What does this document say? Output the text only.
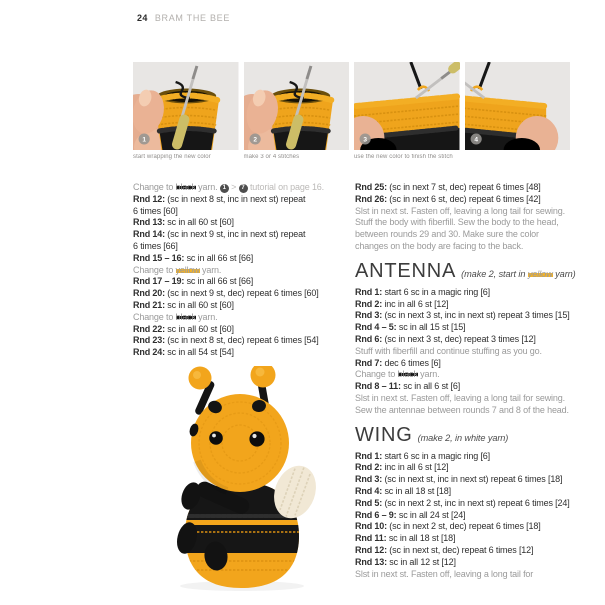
24 BRAM THE BEE
1
start wrapping the new color
2
make 3 or 4 stitches
3
use the new color to finish the stitch
4
Change to black yarn. 1 > 7 tutorial on page 16.
Rnd 12: (sc in next 8 st, inc in next st) repeat
6 times [60]
Rnd 13: sc in all 60 st [60]
Rnd 14: (sc in next 9 st, inc in next st) repeat
6 times [66]
Rnd 15 – 16: sc in all 66 st [66]
Change to yellow yarn.
Rnd 17 – 19: sc in all 66 st [66]
Rnd 20: (sc in next 9 st, dec) repeat 6 times [60]
Rnd 21: sc in all 60 st [60]
Change to black yarn.
Rnd 22: sc in all 60 st [60]
Rnd 23: (sc in next 8 st, dec) repeat 6 times [54]
Rnd 24: sc in all 54 st [54]
Rnd 25: (sc in next 7 st, dec) repeat 6 times [48]
Rnd 26: (sc in next 6 st, dec) repeat 6 times [42]
Slst in next st. Fasten off, leaving a long tail for sewing.
Stuff the body with fiberfill. Sew the body to the head,
between rounds 29 and 30. Make sure the color
changes on the body are facing to the back.
ANTENNA (make 2, start in yellow yarn)
Rnd 1: start 6 sc in a magic ring [6]
Rnd 2: inc in all 6 st [12]
Rnd 3: (sc in next 3 st, inc in next st) repeat 3 times [15]
Rnd 4 – 5: sc in all 15 st [15]
Rnd 6: (sc in next 3 st, dec) repeat 3 times [12]
Stuff with fiberfill and continue stuffing as you go.
Rnd 7: dec 6 times [6]
Change to black yarn.
Rnd 8 – 11: sc in all 6 st [6]
Slst in next st. Fasten off, leaving a long tail for sewing.
Sew the antennae between rounds 7 and 8 of the head.
WING (make 2, in white yarn)
Rnd 1: start 6 sc in a magic ring [6]
Rnd 2: inc in all 6 st [12]
Rnd 3: (sc in next st, inc in next st) repeat 6 times [18]
Rnd 4: sc in all 18 st [18]
Rnd 5: (sc in next 2 st, inc in next st) repeat 6 times [24]
Rnd 6 – 9: sc in all 24 st [24]
Rnd 10: (sc in next 2 st, dec) repeat 6 times [18]
Rnd 11: sc in all 18 st [18]
Rnd 12: (sc in next st, dec) repeat 6 times [12]
Rnd 13: sc in all 12 st [12]
Slst in next st. Fasten off, leaving a long tail for
